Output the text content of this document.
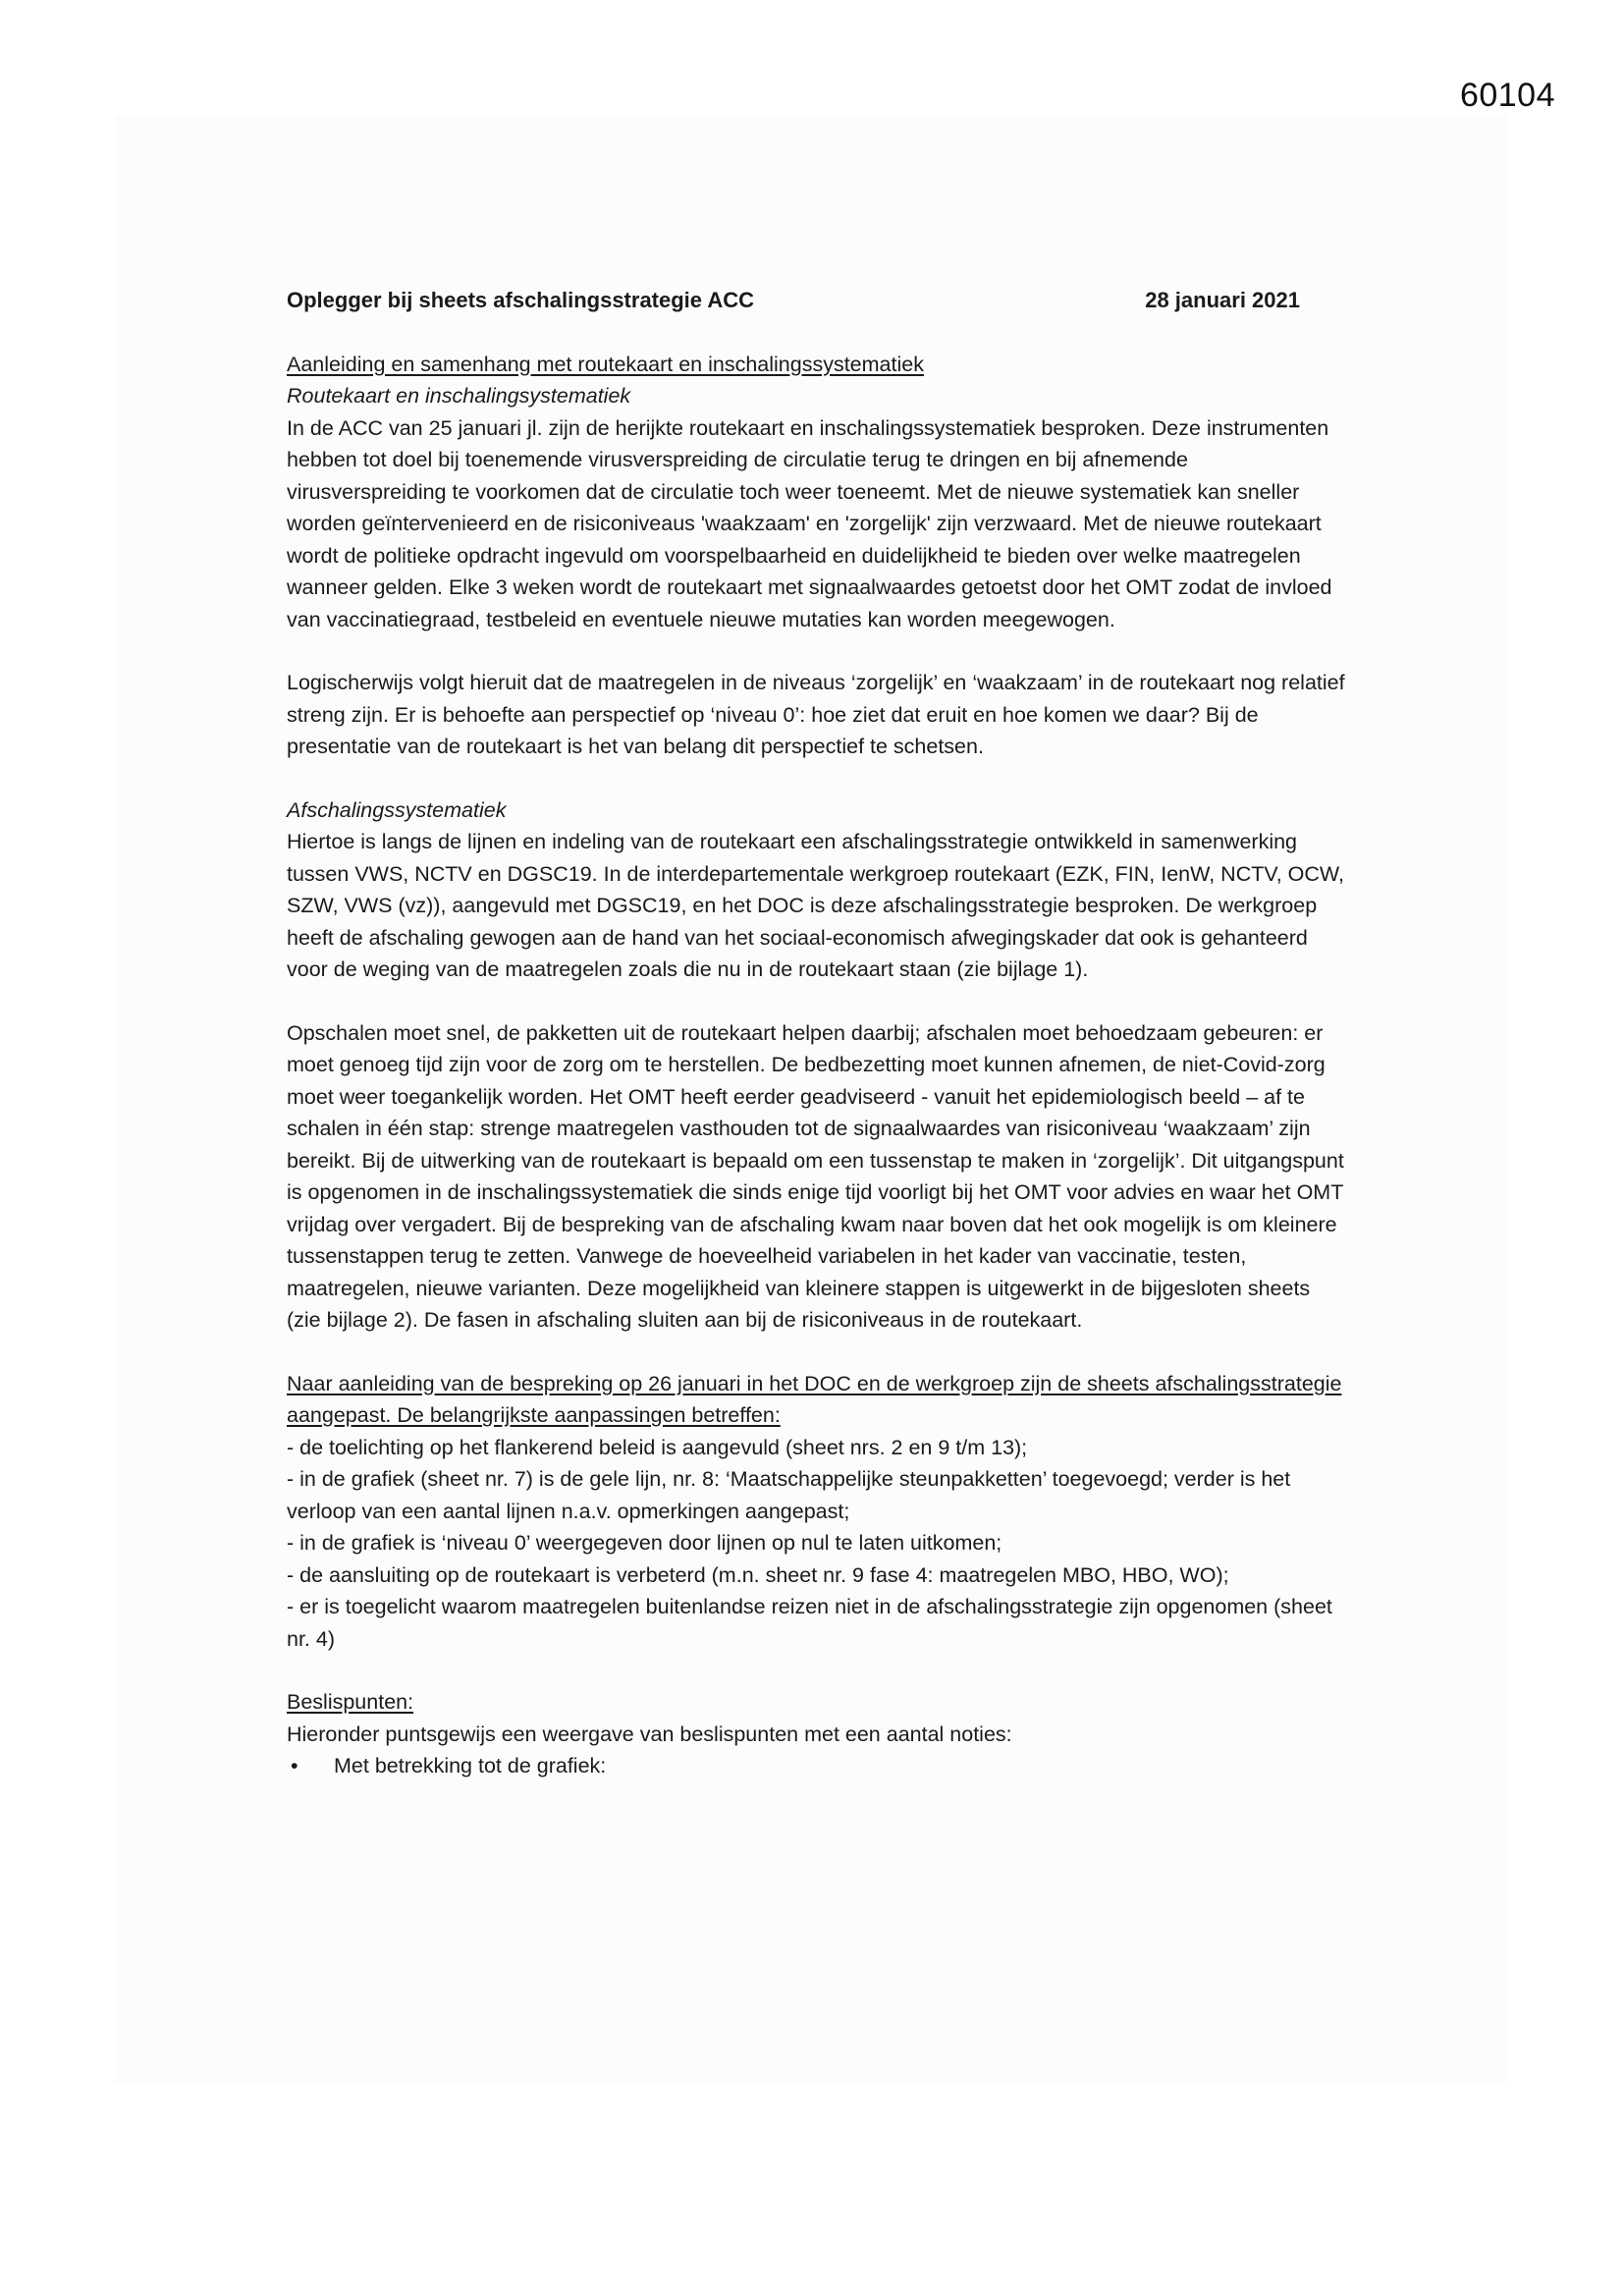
60104
Oplegger bij sheets afschalingsstrategie ACC	28 januari 2021

Aanleiding en samenhang met routekaart en inschalingssystematiek

Routekaart en inschalingsystematiek

In de ACC van 25 januari jl. zijn de herijkte routekaart en inschalingssystematiek besproken. Deze instrumenten hebben tot doel bij toenemende virusverspreiding de circulatie terug te dringen en bij afnemende virusverspreiding te voorkomen dat de circulatie toch weer toeneemt. Met de nieuwe systematiek kan sneller worden geïntervenieerd en de risiconiveaus 'waakzaam' en 'zorgelijk' zijn verzwaard. Met de nieuwe routekaart wordt de politieke opdracht ingevuld om voorspelbaarheid en duidelijkheid te bieden over welke maatregelen wanneer gelden. Elke 3 weken wordt de routekaart met signaalwaardes getoetst door het OMT zodat de invloed van vaccinatiegraad, testbeleid en eventuele nieuwe mutaties kan worden meegewogen.

Logischerwijs volgt hieruit dat de maatregelen in de niveaus ‘zorgelijk’ en ‘waakzaam’ in de routekaart nog relatief streng zijn. Er is behoefte aan perspectief op ‘niveau 0’: hoe ziet dat eruit en hoe komen we daar? Bij de presentatie van de routekaart is het van belang dit perspectief te schetsen.

Afschalingssystematiek

Hiertoe is langs de lijnen en indeling van de routekaart een afschalingsstrategie ontwikkeld in samenwerking tussen VWS, NCTV en DGSC19. In de interdepartementale werkgroep routekaart (EZK, FIN, IenW, NCTV, OCW, SZW, VWS (vz)), aangevuld met DGSC19, en het DOC is deze afschalingsstrategie besproken. De werkgroep heeft de afschaling gewogen aan de hand van het sociaal-economisch afwegingskader dat ook is gehanteerd voor de weging van de maatregelen zoals die nu in de routekaart staan (zie bijlage 1).

Opschalen moet snel, de pakketten uit de routekaart helpen daarbij; afschalen moet behoedzaam gebeuren: er moet genoeg tijd zijn voor de zorg om te herstellen. De bedbezetting moet kunnen afnemen, de niet-Covid-zorg moet weer toegankelijk worden. Het OMT heeft eerder geadviseerd - vanuit het epidemiologisch beeld – af te schalen in één stap: strenge maatregelen vasthouden tot de signaalwaardes van risiconiveau ‘waakzaam’ zijn bereikt. Bij de uitwerking van de routekaart is bepaald om een tussenstap te maken in ‘zorgelijk’. Dit uitgangspunt is opgenomen in de inschalingssystematiek die sinds enige tijd voorligt bij het OMT voor advies en waar het OMT vrijdag over vergadert. Bij de bespreking van de afschaling kwam naar boven dat het ook mogelijk is om kleinere tussenstappen terug te zetten. Vanwege de hoeveelheid variabelen in het kader van vaccinatie, testen, maatregelen, nieuwe varianten. Deze mogelijkheid van kleinere stappen is uitgewerkt in de bijgesloten sheets (zie bijlage 2). De fasen in afschaling sluiten aan bij de risiconiveaus in de routekaart.

Naar aanleiding van de bespreking op 26 januari in het DOC en de werkgroep zijn de sheets afschalingsstrategie aangepast. De belangrijkste aanpassingen betreffen:

- de toelichting op het flankerend beleid is aangevuld (sheet nrs. 2 en 9 t/m 13);

- in de grafiek (sheet nr. 7) is de gele lijn, nr. 8: ‘Maatschappelijke steunpakketten’ toegevoegd; verder is het verloop van een aantal lijnen n.a.v. opmerkingen aangepast;

- in de grafiek is ‘niveau 0’ weergegeven door lijnen op nul te laten uitkomen;

- de aansluiting op de routekaart is verbeterd (m.n. sheet nr. 9 fase 4: maatregelen MBO, HBO, WO);

- er is toegelicht waarom maatregelen buitenlandse reizen niet in de afschalingsstrategie zijn opgenomen (sheet nr. 4)

Beslispunten:

Hieronder puntsgewijs een weergave van beslispunten met een aantal noties:

•	Met betrekking tot de grafiek:
